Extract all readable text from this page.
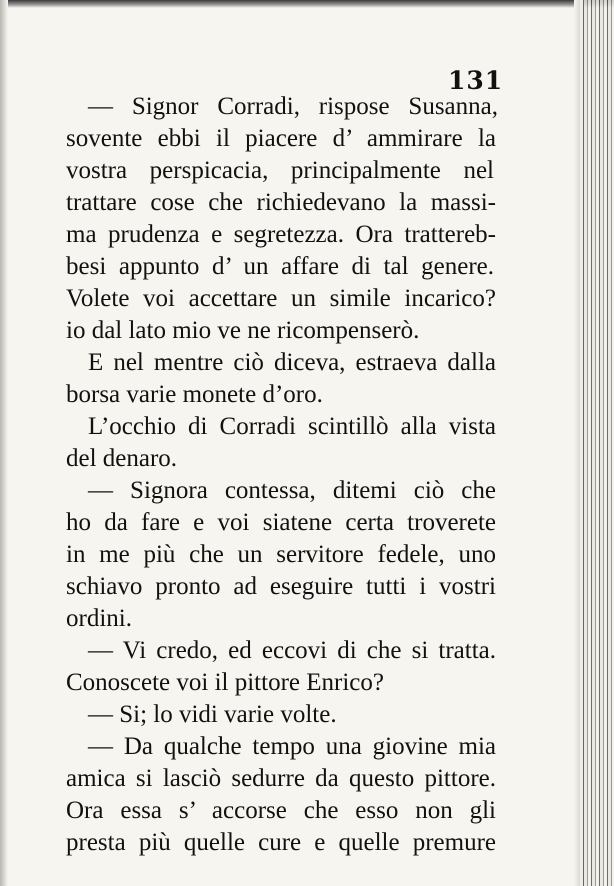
131
— Signor Corradi, rispose Susanna,
sovente ebbi il piacere d’ ammirare la
vostra perspicacia, principalmente nel
trattare cose che richiedevano la massi-
ma prudenza e segretezza. Ora trattereb-
besi appunto d’ un affare di tal genere.
Volete voi accettare un simile incarico?
io dal lato mio ve ne ricompenserò.
E nel mentre ciò diceva, estraeva dalla
borsa varie monete d’oro.
L’occhio di Corradi scintillò alla vista
del denaro.
— Signora contessa, ditemi ciò che
ho da fare e voi siatene certa troverete
in me più che un servitore fedele, uno
schiavo pronto ad eseguire tutti i vostri
ordini.
— Vi credo, ed eccovi di che si tratta.
Conoscete voi il pittore Enrico?
— Si; lo vidi varie volte.
— Da qualche tempo una giovine mia
amica si lasciò sedurre da questo pittore.
Ora essa s’ accorse che esso non gli
presta più quelle cure e quelle premure
